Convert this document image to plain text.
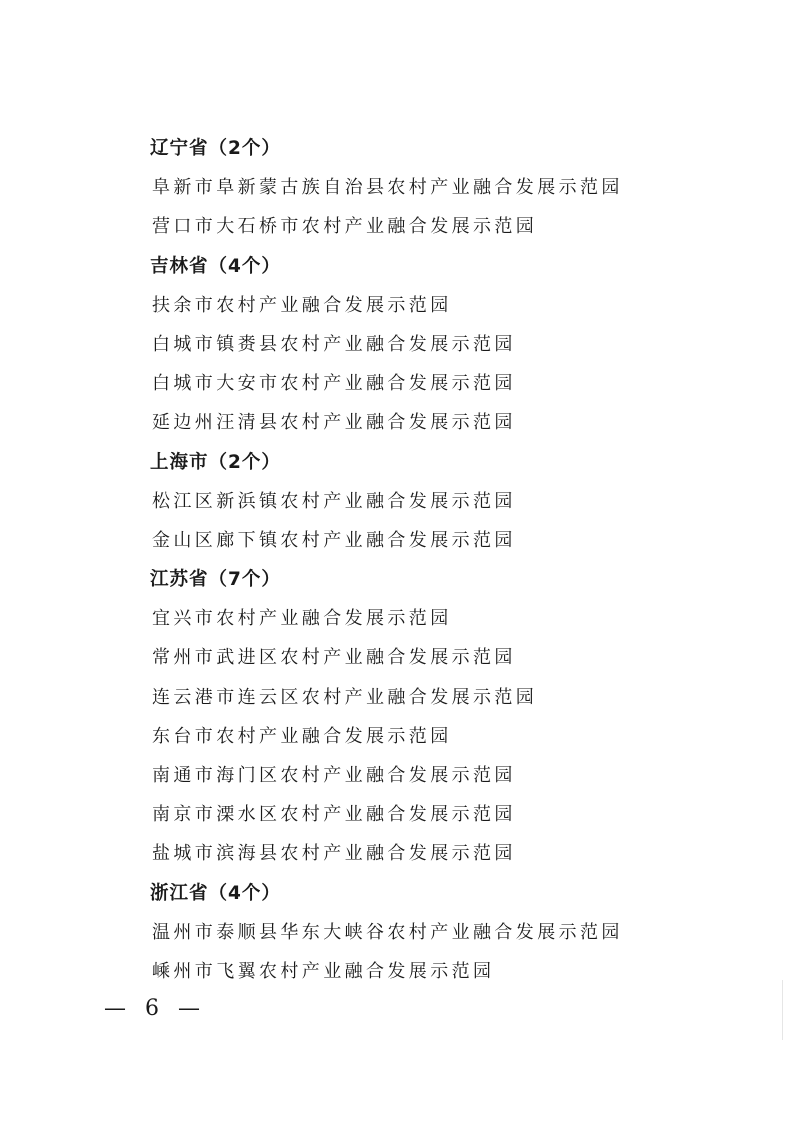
辽宁省（2个）
阜新市阜新蒙古族自治县农村产业融合发展示范园
营口市大石桥市农村产业融合发展示范园
吉林省（4个）
扶余市农村产业融合发展示范园
白城市镇赉县农村产业融合发展示范园
白城市大安市农村产业融合发展示范园
延边州汪清县农村产业融合发展示范园
上海市（2个）
松江区新浜镇农村产业融合发展示范园
金山区廊下镇农村产业融合发展示范园
江苏省（7个）
宜兴市农村产业融合发展示范园
常州市武进区农村产业融合发展示范园
连云港市连云区农村产业融合发展示范园
东台市农村产业融合发展示范园
南通市海门区农村产业融合发展示范园
南京市溧水区农村产业融合发展示范园
盐城市滨海县农村产业融合发展示范园
浙江省（4个）
温州市泰顺县华东大峡谷农村产业融合发展示范园
嵊州市飞翼农村产业融合发展示范园
— 6 —
